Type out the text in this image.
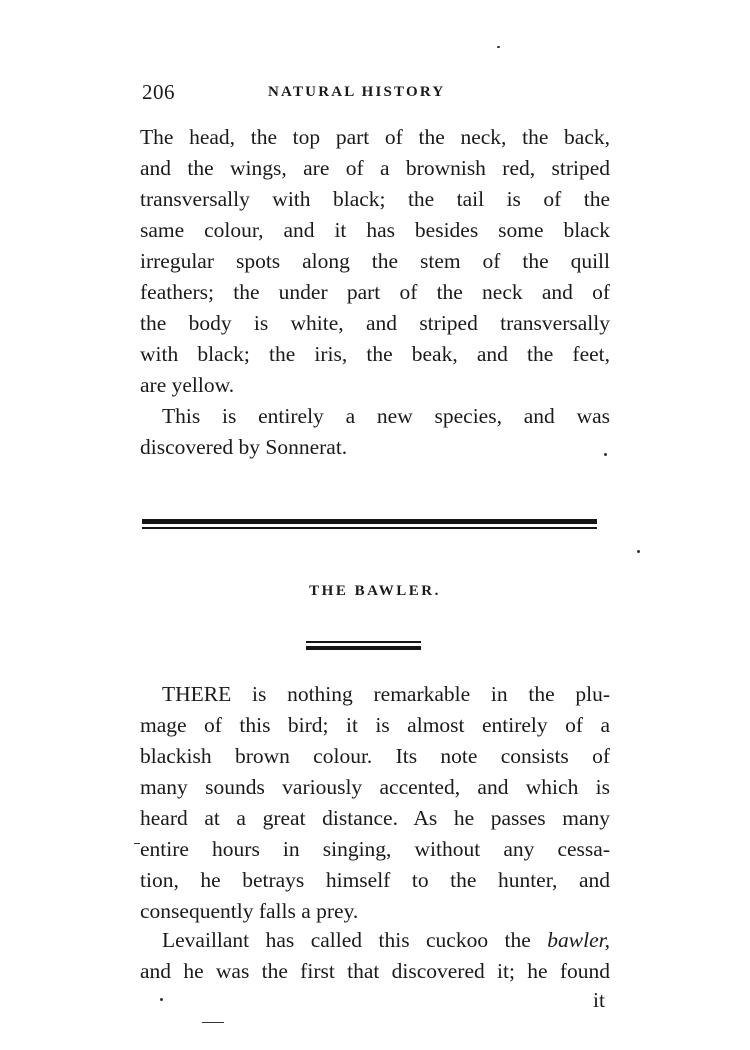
206	NATURAL HISTORY

The head, the top part of the neck, the back,
and the wings, are of a brownish red, striped
transversally with black; the tail is of the
same colour, and it has besides some black
irregular spots along the stem of the quill
feathers; the under part of the neck and of
the body is white, and striped transversally
with black; the iris, the beak, and the feet,
are yellow.

This is entirely a new species, and was
discovered by Sonnerat.

THE BAWLER.

THERE is nothing remarkable in the plu-
mage of this bird; it is almost entirely of a
blackish brown colour. Its note consists of
many sounds variously accented, and which is
heard at a great distance. As he passes many
entire hours in singing, without any cessa-
tion, he betrays himself to the hunter, and
consequently falls a prey.

Levaillant has called this cuckoo the bawler,
and he was the first that discovered it; he found

it
